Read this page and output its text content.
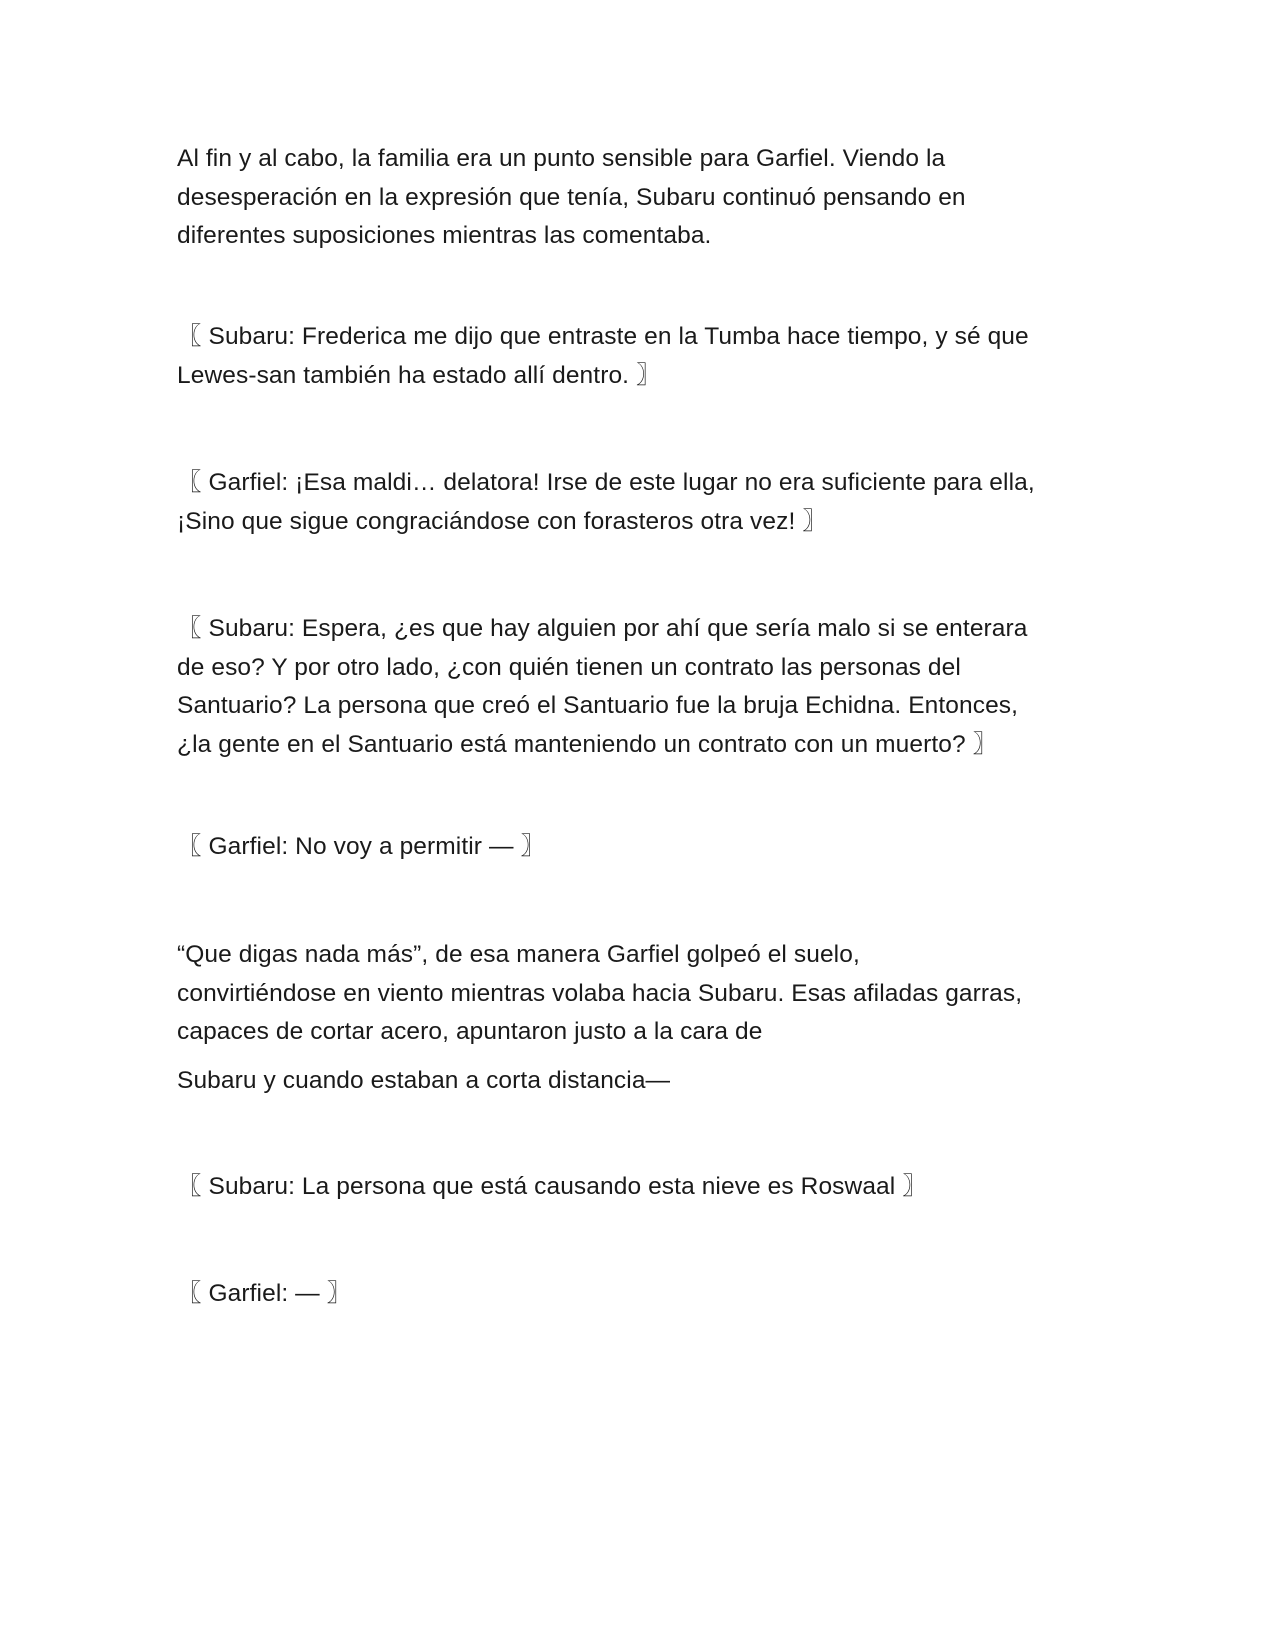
Al fin y al cabo, la familia era un punto sensible para Garfiel. Viendo la
desesperación en la expresión que tenía, Subaru continuó pensando en
diferentes suposiciones mientras las comentaba.

〖 Subaru: Frederica me dijo que entraste en la Tumba hace tiempo, y sé que
Lewes-san también ha estado allí dentro. 〗

〖 Garfiel: ¡Esa maldi… delatora! Irse de este lugar no era suficiente para ella,
¡Sino que sigue congraciándose con forasteros otra vez! 〗

〖 Subaru: Espera, ¿es que hay alguien por ahí que sería malo si se enterara
de eso? Y por otro lado, ¿con quién tienen un contrato las personas del
Santuario? La persona que creó el Santuario fue la bruja Echidna. Entonces,
¿la gente en el Santuario está manteniendo un contrato con un muerto? 〗

〖 Garfiel: No voy a permitir — 〗

“Que digas nada más”, de esa manera Garfiel golpeó el suelo,
convirtiéndose en viento mientras volaba hacia Subaru. Esas afiladas garras,
capaces de cortar acero, apuntaron justo a la cara de

Subaru y cuando estaban a corta distancia—

〖 Subaru: La persona que está causando esta nieve es Roswaal 〗

〖 Garfiel: — 〗
